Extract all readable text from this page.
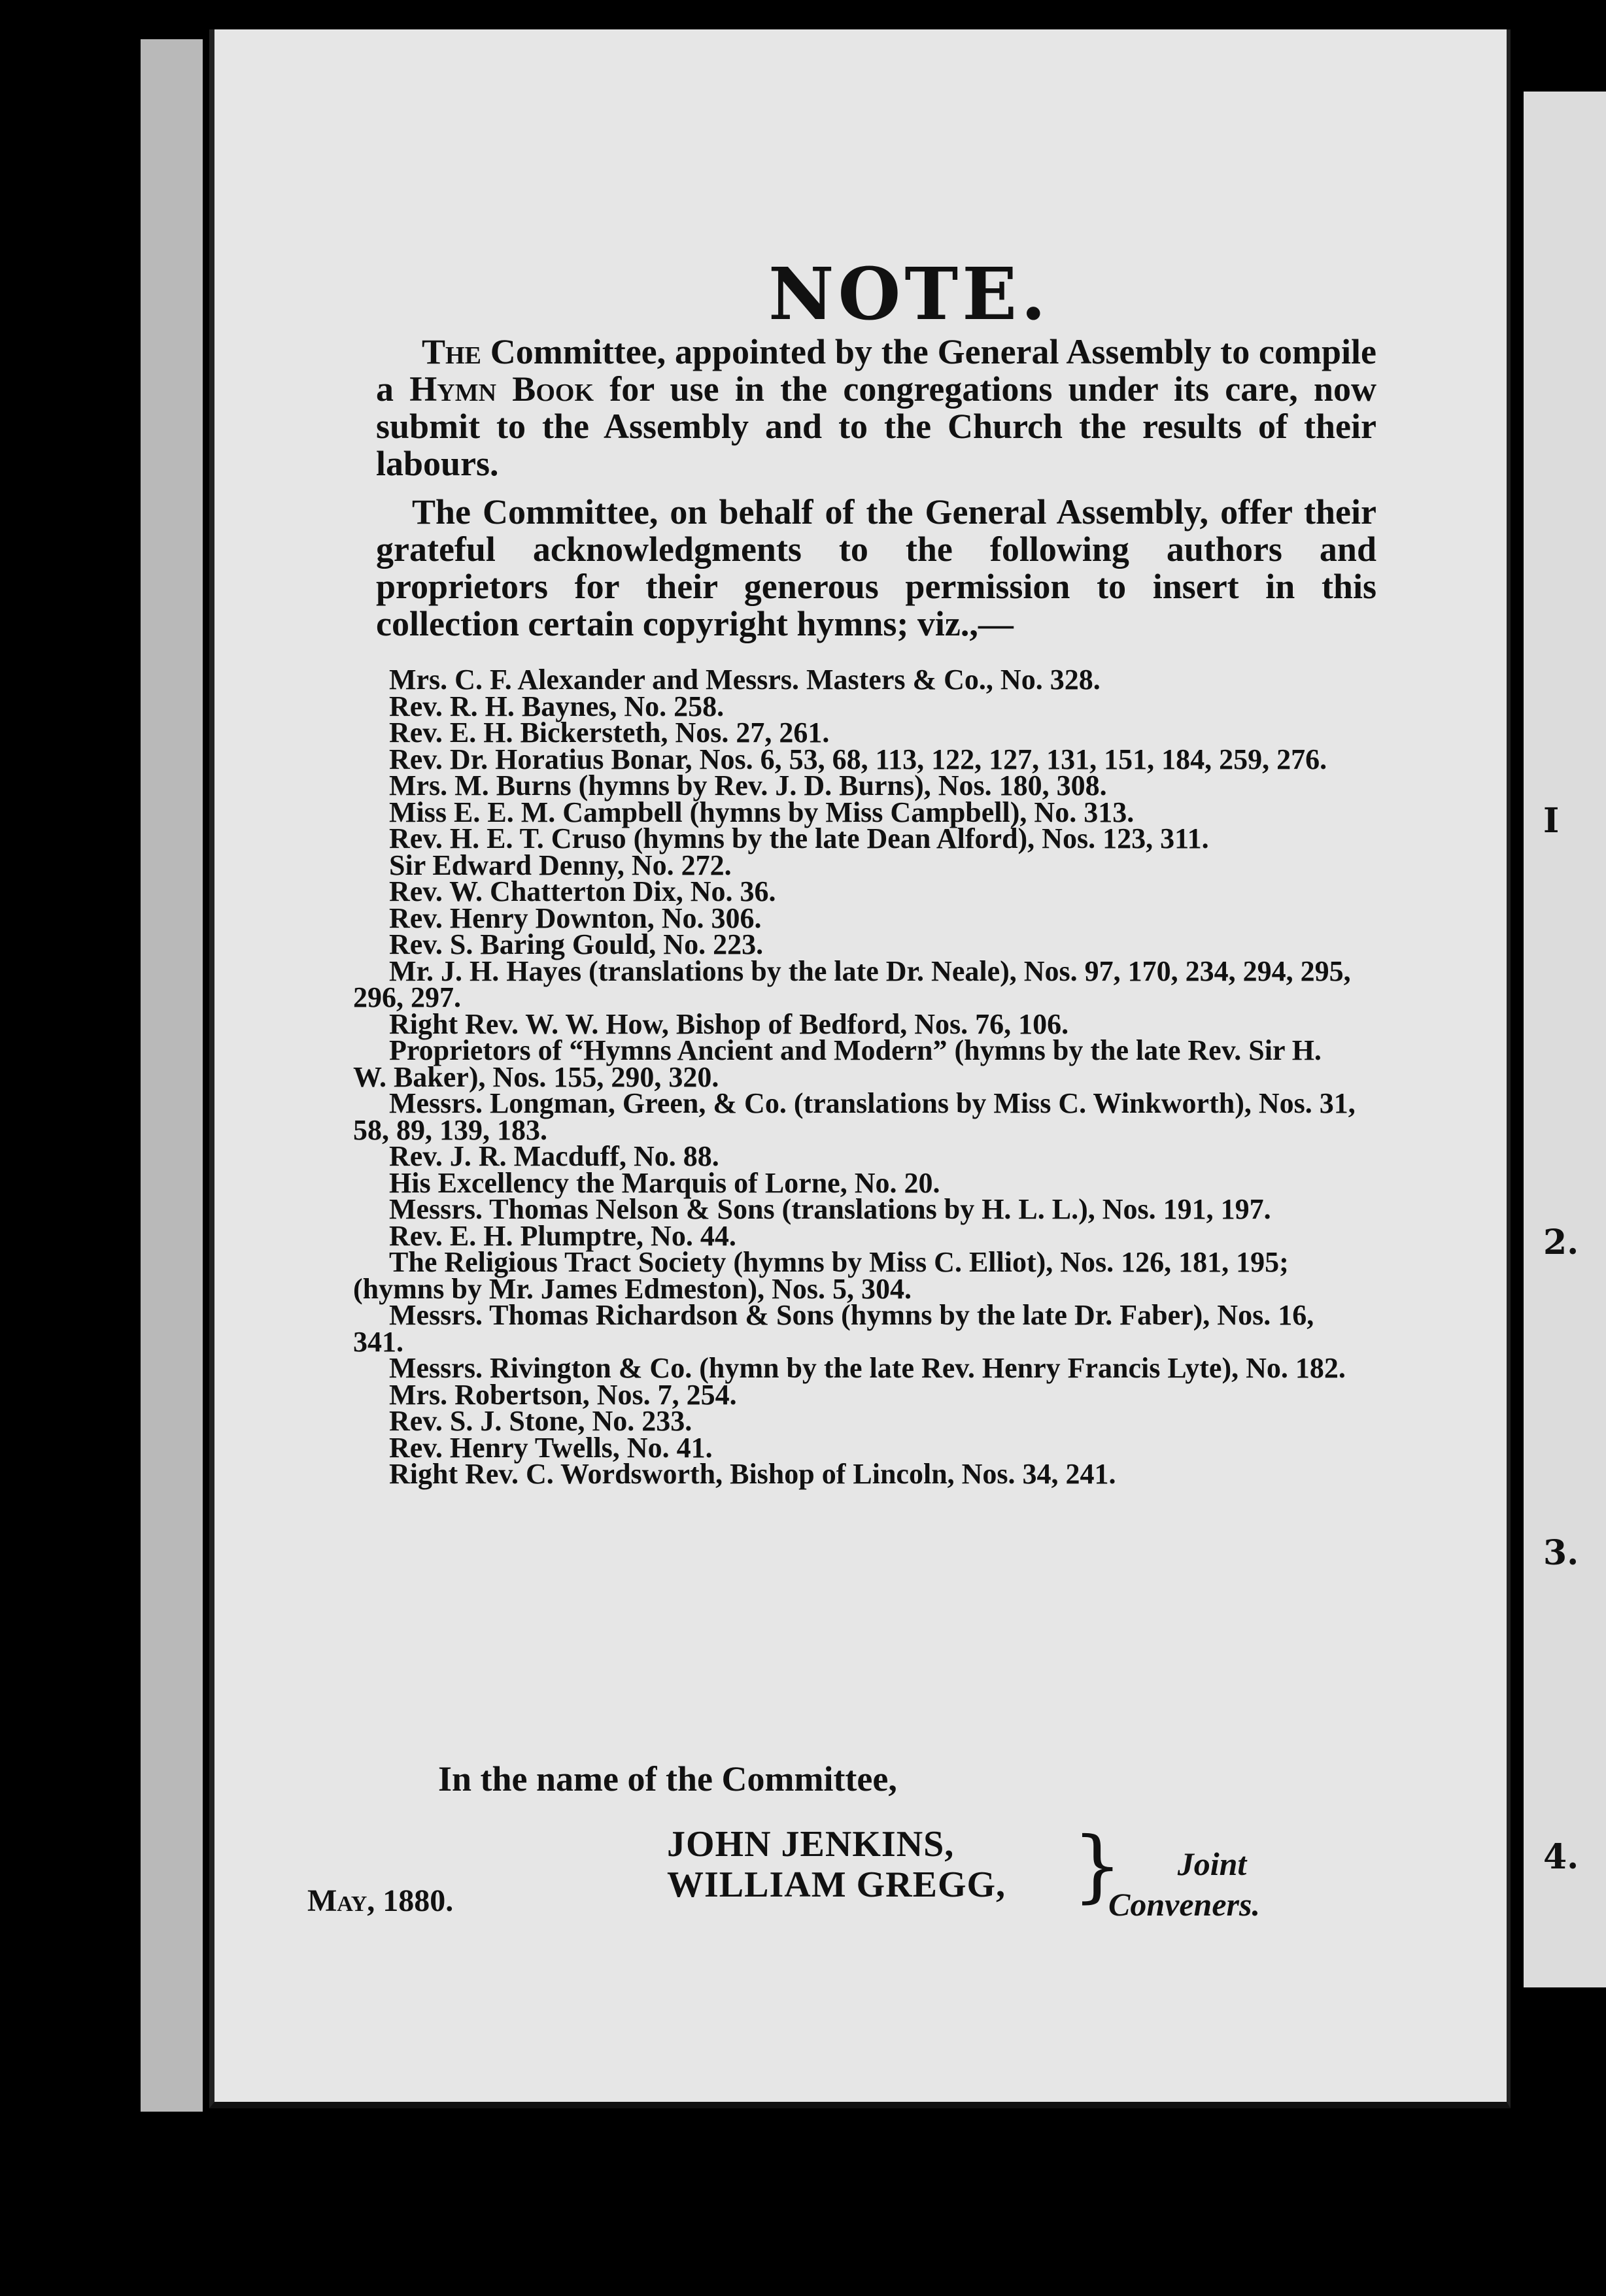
I
2.
3.
4.
NOTE.
The Committee, appointed by the General Assembly to compile a Hymn Book for use in the congregations under its care, now submit to the Assembly and to the Church the results of their labours.
The Committee, on behalf of the General Assembly, offer their grateful acknowledgments to the following authors and proprietors for their generous permission to insert in this collection certain copyright hymns; viz.,—
Mrs. C. F. Alexander and Messrs. Masters & Co., No. 328.
Rev. R. H. Baynes, No. 258.
Rev. E. H. Bickersteth, Nos. 27, 261.
Rev. Dr. Horatius Bonar, Nos. 6, 53, 68, 113, 122, 127, 131, 151, 184, 259, 276.
Mrs. M. Burns (hymns by Rev. J. D. Burns), Nos. 180, 308.
Miss E. E. M. Campbell (hymns by Miss Campbell), No. 313.
Rev. H. E. T. Cruso (hymns by the late Dean Alford), Nos. 123, 311.
Sir Edward Denny, No. 272.
Rev. W. Chatterton Dix, No. 36.
Rev. Henry Downton, No. 306.
Rev. S. Baring Gould, No. 223.
Mr. J. H. Hayes (translations by the late Dr. Neale), Nos. 97, 170, 234, 294, 295, 296, 297.
Right Rev. W. W. How, Bishop of Bedford, Nos. 76, 106.
Proprietors of “Hymns Ancient and Modern” (hymns by the late Rev. Sir H. W. Baker), Nos. 155, 290, 320.
Messrs. Longman, Green, & Co. (translations by Miss C. Winkworth), Nos. 31, 58, 89, 139, 183.
Rev. J. R. Macduff, No. 88.
His Excellency the Marquis of Lorne, No. 20.
Messrs. Thomas Nelson & Sons (translations by H. L. L.), Nos. 191, 197.
Rev. E. H. Plumptre, No. 44.
The Religious Tract Society (hymns by Miss C. Elliot), Nos. 126, 181, 195; (hymns by Mr. James Edmeston), Nos. 5, 304.
Messrs. Thomas Richardson & Sons (hymns by the late Dr. Faber), Nos. 16, 341.
Messrs. Rivington & Co. (hymn by the late Rev. Henry Francis Lyte), No. 182.
Mrs. Robertson, Nos. 7, 254.
Rev. S. J. Stone, No. 233.
Rev. Henry Twells, No. 41.
Right Rev. C. Wordsworth, Bishop of Lincoln, Nos. 34, 241.
In the name of the Committee,
JOHN JENKINS,
WILLIAM GREGG, }	Joint
Conveners.
May, 1880.
